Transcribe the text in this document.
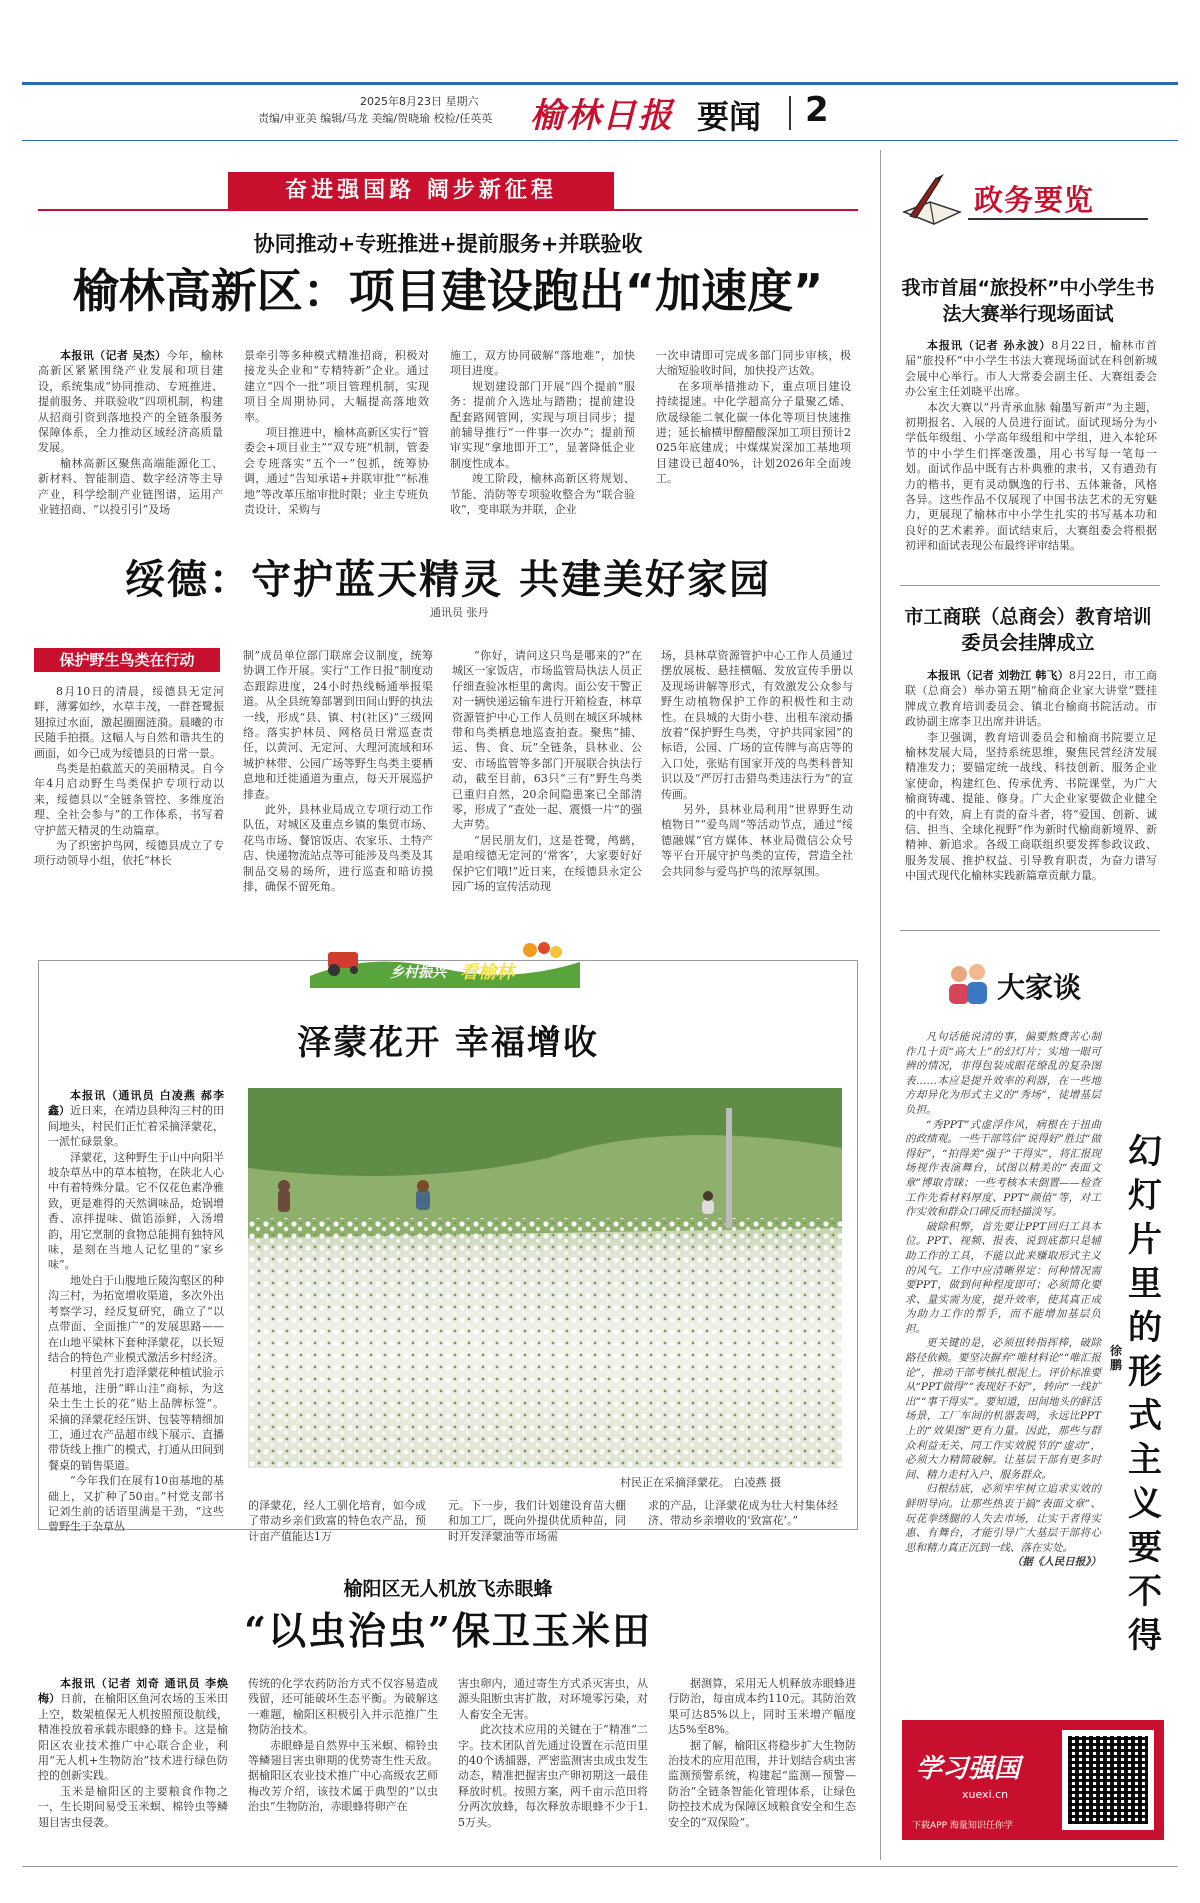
2025年8月23日 星期六
责编/申亚美 编辑/马龙 美编/贺晓瑜 校检/任英英 榆林日报 要闻 2
奋进强国路 阔步新征程
协同推动+专班推进+提前服务+并联验收
榆林高新区：项目建设跑出“加速度”

本报讯（记者 吴杰）今年，榆林高新区紧紧围绕产业发展和项目建设，系统集成“协同推动、专班推进、提前服务、并联验收”四项机制，构建从招商引资到落地投产的全链条服务保障体系，全力推动区域经济高质量发展。

榆林高新区聚焦高端能源化工、新材料、智能制造、数字经济等主导产业，科学绘制产业链图谱，运用产业链招商、“以投引引”及场

景牵引等多种模式精准招商，积极对接龙头企业和“专精特新”企业。通过建立“四个一批”项目管理机制，实现项目全周期协同，大幅提高落地效率。

项目推进中，榆林高新区实行“管委会+项目业主”“双专班”机制，管委会专班落实“五个一”包抓，统筹协调，通过“告知承诺+并联审批”“标准地”等改革压缩审批时限；业主专班负责设计、采购与

施工，双方协同破解“落地难”，加快项目进度。

规划建设部门开展“四个提前”服务：提前介入选址与踏勘；提前建设配套路网管网，实现与项目同步；提前辅导推行“一件事一次办”；提前预审实现“拿地即开工”，显著降低企业制度性成本。

竣工阶段，榆林高新区将规划、节能、消防等专项验收整合为“联合验收”，变串联为并联，企业

一次申请即可完成多部门同步审核，极大缩短验收时间，加快投产达效。

在多项举措推动下，重点项目建设持续提速。中化学超高分子量聚乙烯、欣晟绿能二氧化碳一体化等项目快速推进；延长榆横甲醇醋酸深加工项目预计2025年底建成；中煤煤炭深加工基地项目建设已超40%，计划2026年全面竣工。

绥德：守护蓝天精灵 共建美好家园
通讯员 张丹
保护野生鸟类在行动

8月10日的清晨，绥德县无定河畔，薄雾如纱，水草丰茂，一群苍鹭振翅掠过水面，激起圈圈涟漪。晨曦的市民随手拍摄。这幅人与自然和谐共生的画面，如今已成为绥德县的日常一景。

鸟类是拍截蓝天的美丽精灵。自今年4月启动野生鸟类保护专项行动以来，绥德县以“全链条管控、多维度治理、全社会参与”的工作体系，书写着守护蓝天精灵的生动篇章。

为了织密护鸟网，绥德县成立了专项行动领导小组，依托“林长

制”成员单位部门联席会议制度，统筹协调工作开展。实行“工作日报”制度动态跟踪进度，24小时热线畅通举报渠道。从全县统筹部署到田间山野的执法一线，形成“县、镇、村(社区)”三级网络。落实护林员、网格员日常巡查责任，以黄河、无定河、大理河流域和环城护林带、公园广场等野生鸟类主要栖息地和迁徙通道为重点，每天开展巡护排查。

此外，县林业局成立专项行动工作队伍，对城区及重点乡镇的集贸市场、花鸟市场、餐馆饭店、农家乐、土特产店、快递物流站点等可能涉及鸟类及其制品交易的场所，进行巡查和暗访摸排，确保不留死角。

“你好，请问这只鸟是哪来的?”在城区一家饭店，市场监管局执法人员正仔细查验冰柜里的禽肉。面公安干警正对一辆快递运输车进行开箱检查，林草资源管护中心工作人员则在城区环城林带和鸟类栖息地巡查拍查。聚焦“捕、运、售、食、玩”全链条，县林业、公安、市场监管等多部门开展联合执法行动，截至目前，63只“三有”野生鸟类已重归自然，20余间隐患案已全部清零，形成了“查处一起、震慑一片”的强大声势。

“居民朋友们，这是苍鹭，鸬鹚，是咱绥德无定河的‘常客’，大家要好好保护它们哦!”近日来，在绥德县永定公园广场的宣传活动现

场，县林草资源管护中心工作人员通过摆放展板、悬挂横幅、发放宣传手册以及现场讲解等形式，有效激发公众参与野生动植物保护工作的积极性和主动性。在县城的大街小巷、出租车滚动播放着“保护野生鸟类，守护共同家园”的标语，公园、广场的宣传牌与高店等的入口处，张贴有国家开茂的鸟类科普知识以及“严厉打击猎鸟类违法行为”的宣传画。

另外，县林业局利用“世界野生动植物日”“爱鸟周”等活动节点，通过“绥德融媒”官方媒体、林业局微信公众号等平台开展守护鸟类的宣传，营造全社会共同参与爱鸟护鸟的浓厚氛围。

政务要览
我市首届“旅投杯”中小学生书法大赛举行现场面试

本报讯（记者 孙永波）8月22日，榆林市首届“旅投杯”中小学生书法大赛现场面试在科创新城会展中心举行。市人大常委会副主任、大赛组委会办公室主任刘晓平出席。

本次大赛以“丹青承血脉 翰墨写新声”为主题，初期报名、入展的人员进行面试。面试现场分为小学低年级组、小学高年级组和中学组，进入本轮环节的中小学生们挥毫泼墨，用心书写每一笔每一划。面试作品中既有古朴典雅的隶书，又有遒劲有力的楷书，更有灵动飘逸的行书、五体兼备，风格各异。这些作品不仅展现了中国书法艺术的无穷魅力，更展现了榆林市中小学生扎实的书写基本功和良好的艺术素养。面试结束后，大赛组委会将根据初评和面试表现公布最终评审结果。

市工商联（总商会）教育培训委员会挂牌成立

本报讯（记者 刘勃江 韩飞）8月22日，市工商联（总商会）举办第五期“榆商企业家大讲堂”暨挂牌成立教育培训委员会、镇北台榆商书院活动。市政协副主席李卫出席并讲话。

李卫强调，教育培训委员会和榆商书院要立足榆林发展大局，坚持系统思维，聚焦民营经济发展精准发力；要锚定统一战线、科技创新、服务企业家使命，构建红色、传承优秀、书院课堂，为广大榆商铸魂、提能、修身。广大企业家要做企业健全的中有效，肩上有责的奋斗者，将“爱国、创新、诚信、担当、全球化视野”作为新时代榆商新境界、新精神、新追求。各级工商联组织要发挥参政议政、服务发展、推护权益、引导教育职责，为奋力谱写中国式现代化榆林实践新篇章贡献力量。

大家谈

凡句话能说清的事，偏要熬费苦心制作几十页“高大上”的幻灯片；实地一眼可辨的情况，非得包装成眼花缭乱的复杂图表……本应是提升效率的利器，在一些地方却异化为形式主义的“秀场”，徒增基层负担。

“秀PPT”式虚浮作风，病根在于扭曲的政绩观。一些干部笃信“说得好”胜过“做得好”，“拍得美”强于“干得实”，将汇报现场视作表演舞台，试图以精美的“表面文章”博取青睐；一些考核本末倒置——检查工作先看材料厚度、PPT“颜值”等，对工作实效和群众口碑反而轻描淡写。

破除积弊，首先要让PPT回归工具本位。PPT、视频、报表、说到底都只是辅助工作的工具，不能以此来赚取形式主义的风气。工作中应清晰界定：何种情况需要PPT，做到何种程度即可；必须简化要求、量实需为度，提升效率，使其真正成为助力工作的帮手，而不能增加基层负担。

更关键的是，必须扭转指挥棒，破除路径依赖。要坚决摒弃“唯材料论”“唯汇报论”，推动干部考核扎根泥土。评价标准要从“PPT做得”“表现好不好”，转向“一线扩出”“事干得实”。要知道，田间地头的鲜活场景，工厂车间的机器轰鸣，永远比PPT上的“效果图”更有力量。因此，那些与群众利益无关、同工作实效脱节的“虚动”，必须大力精简破解。让基层干部有更多时间、精力走村入户、服务群众。

归根结底，必须牢牢树立追求实效的鲜明导向。让那些热衷于搞“表面文章”、玩花拳绣腿的人失去市场，让实干者得实惠、有舞台，才能引导广大基层干部将心思和精力真正沉到一线、落在实处。

（据《人民日报》）

幻灯片里的形式主义要不得
徐鹏
学习强国
xuexi.cn
下载APP 海量知识任你学
乡村振兴 看榆林
泽蒙花开 幸福增收

本报讯（通讯员 白凌燕 郝李鑫）近日来，在靖边县种沟三村的田间地头，村民们正忙着采摘泽蒙花，一派忙碌景象。

泽蒙花，这种野生于山中向阳半坡杂草丛中的草本植物，在陕北人心中有着特殊分量。它不仅花色素净雅致，更是难得的天然调味品，炝锅增香、凉拌提味、做馅添鲜，入汤增韵，用它烹制的食物总能拥有独特风味，是刻在当地人记忆里的“家乡味”。

地处白于山腹地丘陵沟壑区的种沟三村，为拓宽增收渠道，多次外出考察学习，经反复研究，确立了“以点带面、全面推广”的发展思路——在山地平梁林下套种泽蒙花，以长短结合的特色产业模式激活乡村经济。

村里首先打造泽蒙花种植试验示范基地，注册“畔山洼”商标，为这朵土生土长的花“贴上品牌标签”。采摘的泽蒙花经压饼、包装等精细加工，通过农产品超市线下展示、直播带货线上推广的模式，打通从田间到餐桌的销售渠道。

“今年我们在展有10亩基地的基础上，又扩种了50亩。”村党支部书记刘生前的话语里满是干劲，“这些曾野生于杂草丛

村民正在采摘泽蒙花。 白凌燕 摄

的泽蒙花，经人工驯化培育，如今成了带动乡亲们致富的特色农产品，预计亩产值能达1万

元。下一步，我们计划建设育苗大棚和加工厂，既向外提供优质种苗，同时开发泽蒙油等市场需

求的产品，让泽蒙花成为壮大村集体经济、带动乡亲增收的‘致富花’。”

榆阳区无人机放飞赤眼蜂
“以虫治虫”保卫玉米田

本报讯（记者 刘奇 通讯员 李焕梅）日前，在榆阳区鱼河农场的玉米田上空，数架植保无人机按照预设航线，精准投放着承载赤眼蜂的蜂卡。这是榆阳区农业技术推广中心联合企业，利用“无人机+生物防治”技术进行绿色防控的创新实践。

玉米是榆阳区的主要粮食作物之一，生长期间易受玉米螟、棉铃虫等鳞翅目害虫侵袭。

传统的化学农药防治方式不仅容易造成残留，还可能破坏生态平衡。为破解这一难题，榆阳区积极引入并示范推广生物防治技术。

赤眼蜂是自然界中玉米螟、棉铃虫等鳞翅目害虫卵期的优势寄生性天敌。据榆阳区农业技术推广中心高级农艺师梅改芳介绍，该技术属于典型的“以虫治虫”生物防治，赤眼蜂将卵产在

害虫卵内，通过寄生方式杀灭害虫，从源头阻断虫害扩散，对环境零污染，对人畜安全无害。

此次技术应用的关键在于“精准”二字。技术团队首先通过设置在示范田里的40个诱捕器，严密监测害虫成虫发生动态，精准把握害虫产卵初期这一最佳释放时机。按照方案，两千亩示范田将分两次放蜂，每次释放赤眼蜂不少于1.5万头。

据测算，采用无人机释放赤眼蜂进行防治，每亩成本约110元。其防治效果可达85%以上，同时玉米增产幅度达5%至8%。

据了解，榆阳区将稳步扩大生物防治技术的应用范围，并计划结合病虫害监测预警系统，构建起“监测—预警—防治”全链条智能化管理体系，让绿色防控技术成为保障区域粮食安全和生态安全的“双保险”。
